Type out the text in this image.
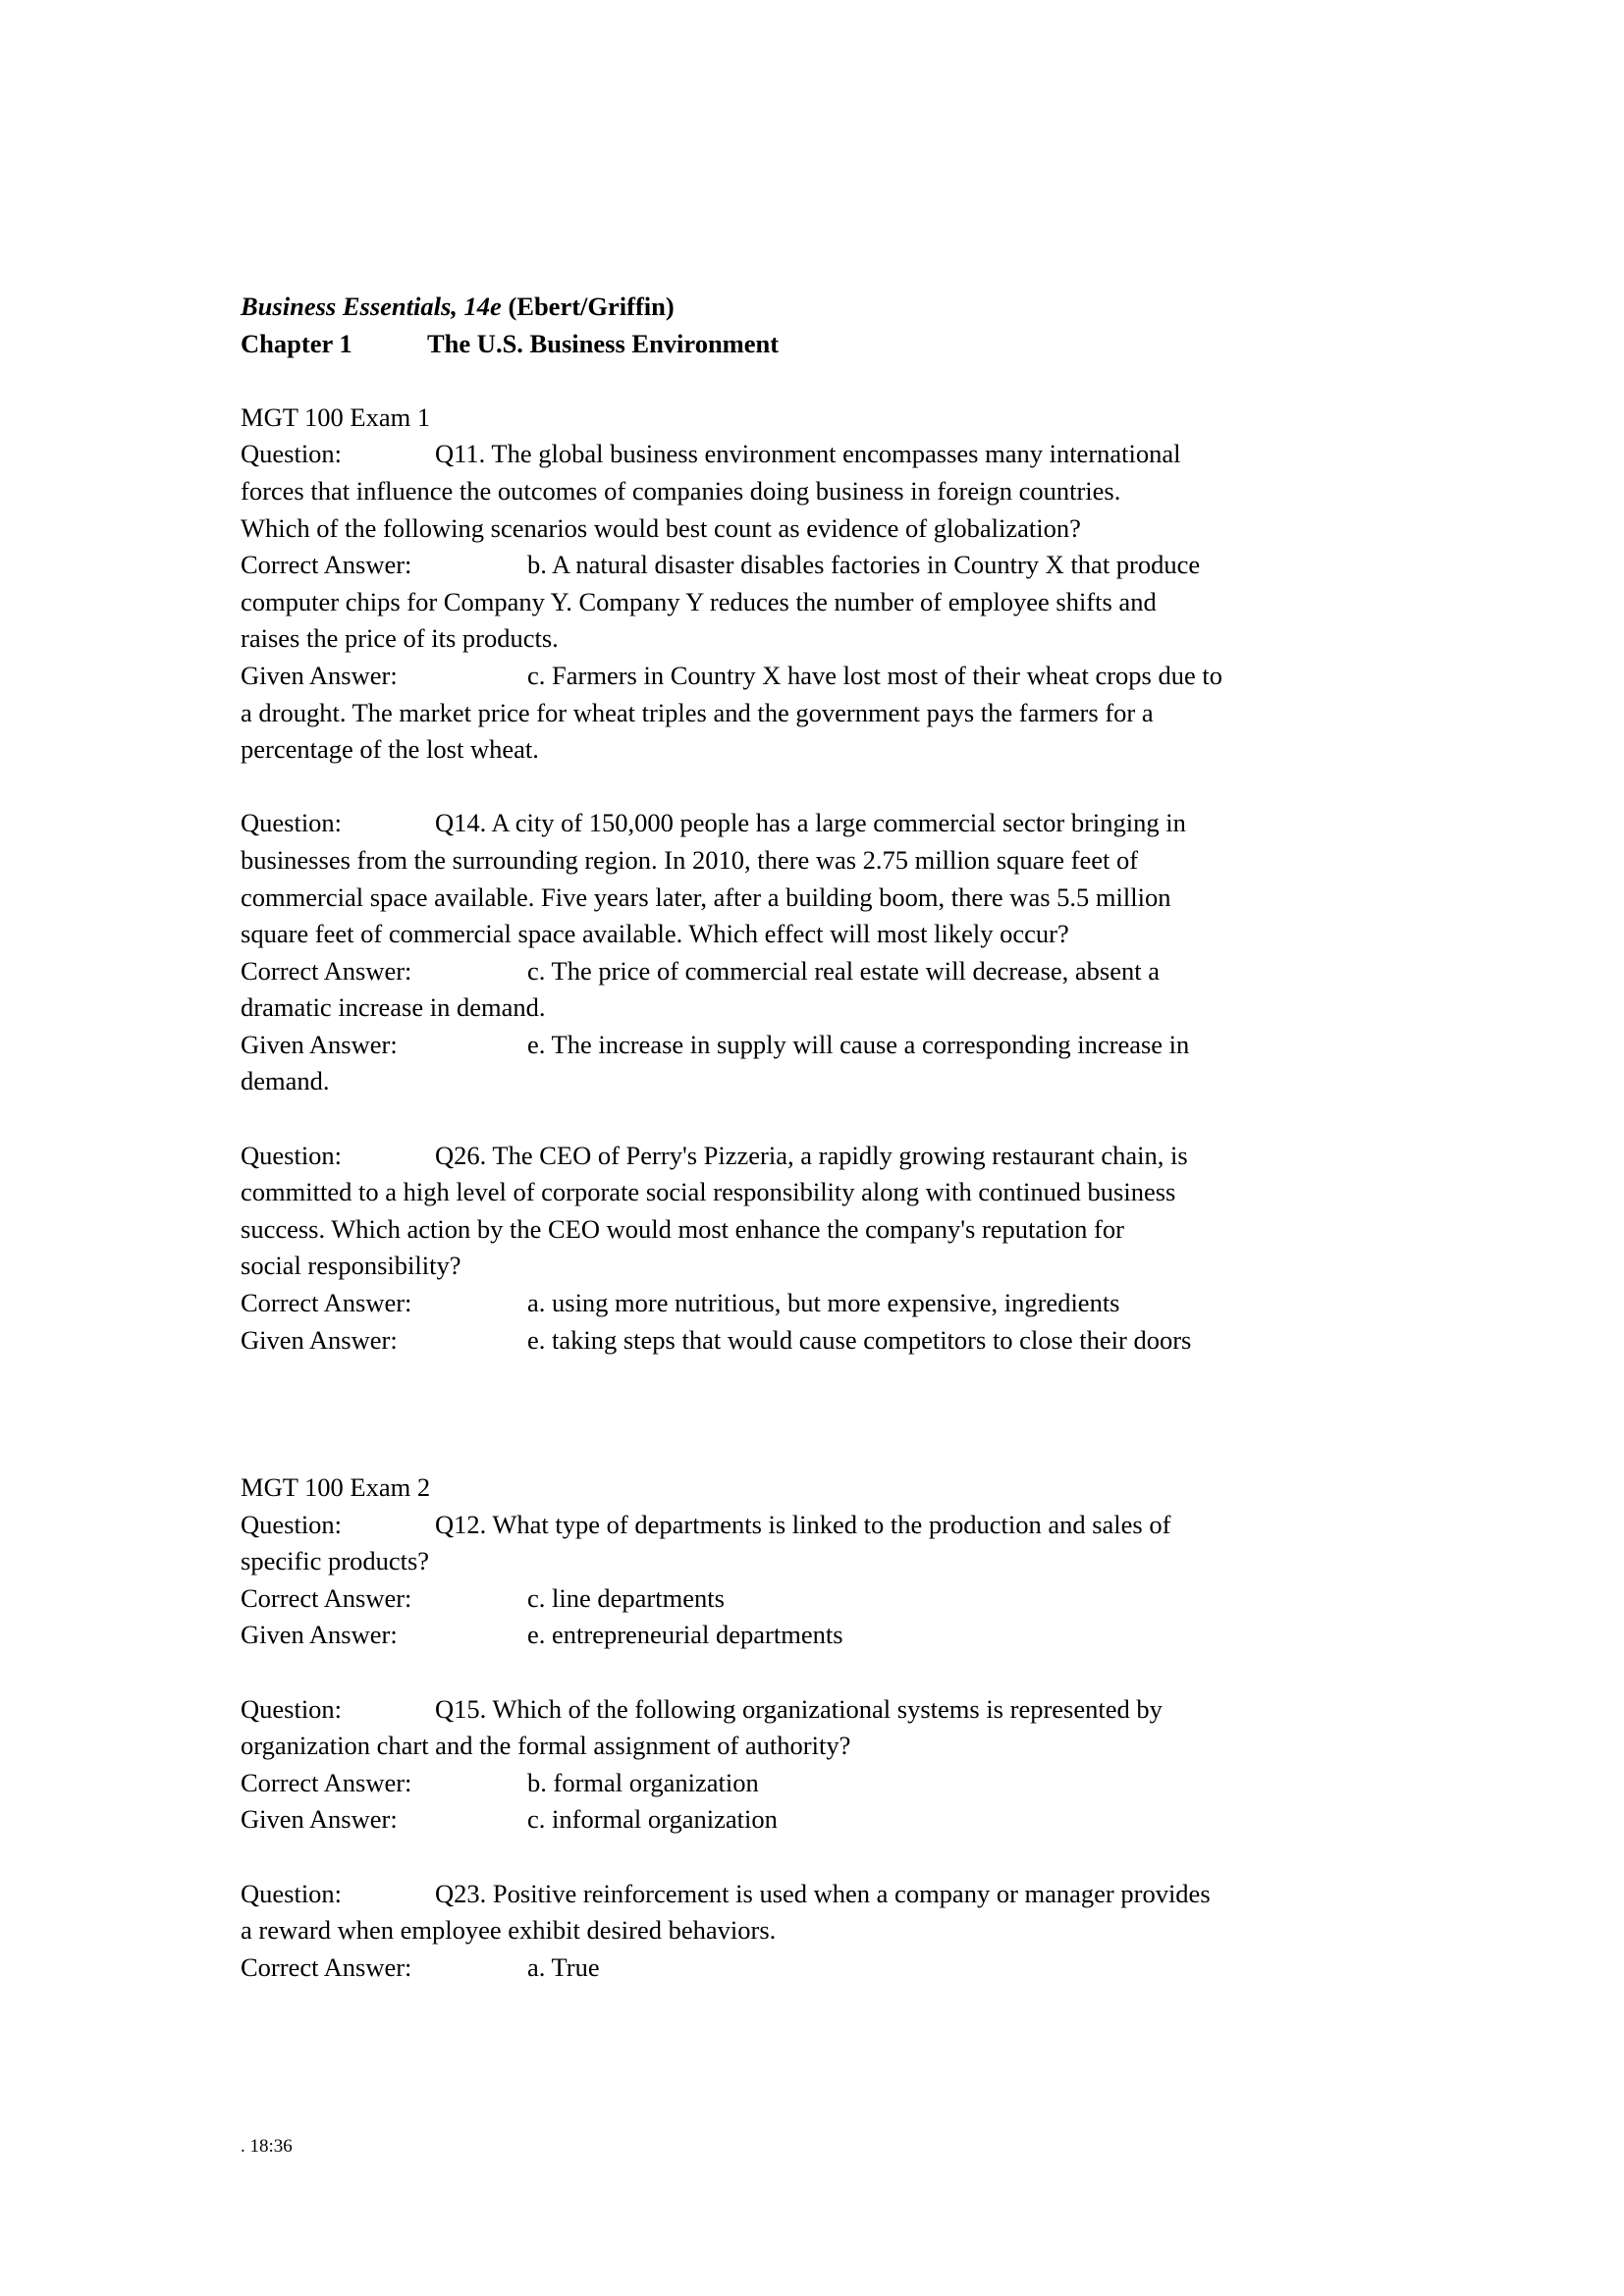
Business Essentials, 14e (Ebert/Griffin)
Chapter 1	The U.S. Business Environment
MGT 100 Exam 1
Question:	Q11. The global business environment encompasses many international
forces that influence the outcomes of companies doing business in foreign countries.
Which of the following scenarios would best count as evidence of globalization?
Correct Answer:	b. A natural disaster disables factories in Country X that produce
computer chips for Company Y. Company Y reduces the number of employee shifts and
raises the price of its products.
Given Answer:	c. Farmers in Country X have lost most of their wheat crops due to
a drought. The market price for wheat triples and the government pays the farmers for a
percentage of the lost wheat.
Question:	Q14. A city of 150,000 people has a large commercial sector bringing in
businesses from the surrounding region. In 2010, there was 2.75 million square feet of
commercial space available. Five years later, after a building boom, there was 5.5 million
square feet of commercial space available. Which effect will most likely occur?
Correct Answer:	c. The price of commercial real estate will decrease, absent a
dramatic increase in demand.
Given Answer:	e. The increase in supply will cause a corresponding increase in
demand.
Question:	Q26. The CEO of Perry's Pizzeria, a rapidly growing restaurant chain, is
committed to a high level of corporate social responsibility along with continued business
success. Which action by the CEO would most enhance the company's reputation for
social responsibility?
Correct Answer:	a. using more nutritious, but more expensive, ingredients
Given Answer:	e. taking steps that would cause competitors to close their doors
MGT 100 Exam 2
Question:	Q12. What type of departments is linked to the production and sales of
specific products?
Correct Answer:	c. line departments
Given Answer:	e. entrepreneurial departments
Question:	Q15. Which of the following organizational systems is represented by
organization chart and the formal assignment of authority?
Correct Answer:	b. formal organization
Given Answer:	c. informal organization
Question:	Q23. Positive reinforcement is used when a company or manager provides
a reward when employee exhibit desired behaviors.
Correct Answer:	a. True
. 18:36
